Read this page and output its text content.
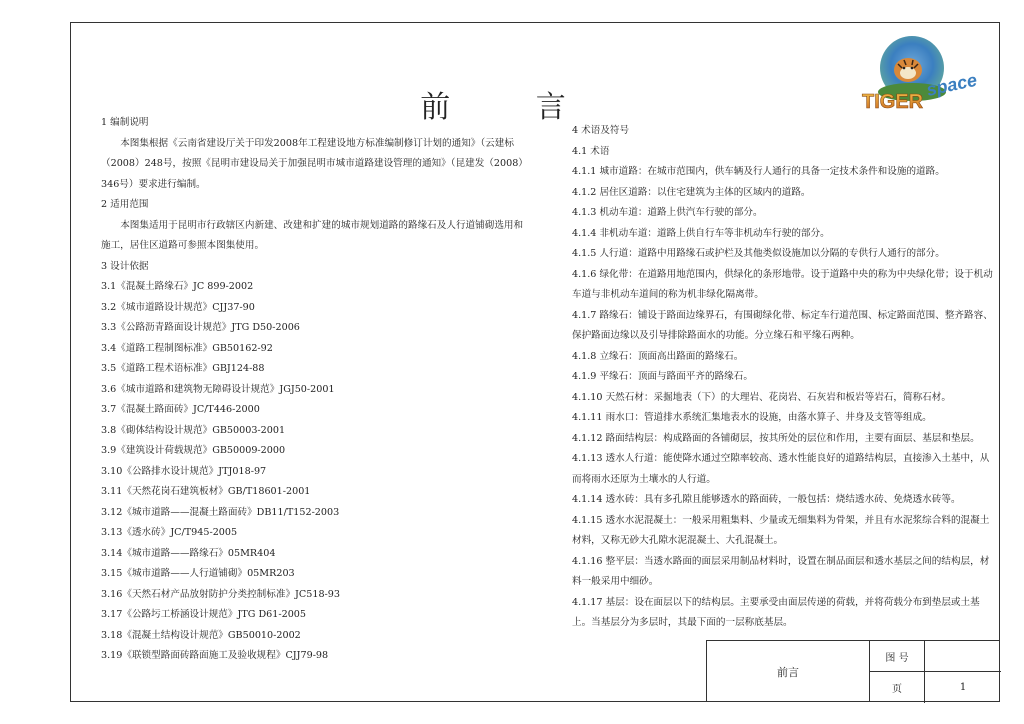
前 言	TIGER
space

1 编制说明

本图集根据《云南省建设厅关于印发2008年工程建设地方标准编制修订计划的通知》（云建标（2008）248号，按照《昆明市建设局关于加强昆明市城市道路建设管理的通知》（昆建发（2008）346号）要求进行编制。

2 适用范围

本图集适用于昆明市行政辖区内新建、改建和扩建的城市规划道路的路缘石及人行道铺砌选用和施工，居住区道路可参照本图集使用。

3 设计依据

3.1《混凝土路缘石》JC 899-2002

3.2《城市道路设计规范》CJJ37-90

3.3《公路沥青路面设计规范》JTG D50-2006

3.4《道路工程制图标准》GB50162-92

3.5《道路工程术语标准》GBJ124-88

3.6《城市道路和建筑物无障碍设计规范》JGJ50-2001

3.7《混凝土路面砖》JC/T446-2000

3.8《砌体结构设计规范》GB50003-2001

3.9《建筑设计荷载规范》GB50009-2000

3.10《公路排水设计规范》JTJ018-97

3.11《天然花岗石建筑板材》GB/T18601-2001

3.12《城市道路——混凝土路面砖》DB11/T152-2003

3.13《透水砖》JC/T945-2005

3.14《城市道路——路缘石》05MR404

3.15《城市道路——人行道铺砌》05MR203

3.16《天然石材产品放射防护分类控制标准》JC518-93

3.17《公路圬工桥涵设计规范》JTG D61-2005

3.18《混凝土结构设计规范》GB50010-2002

3.19《联锁型路面砖路面施工及验收规程》CJJ79-98

4 术语及符号

4.1 术语

4.1.1 城市道路：在城市范围内，供车辆及行人通行的具备一定技术条件和设施的道路。

4.1.2 居住区道路：以住宅建筑为主体的区域内的道路。

4.1.3 机动车道：道路上供汽车行驶的部分。

4.1.4 非机动车道：道路上供自行车等非机动车行驶的部分。

4.1.5 人行道：道路中用路缘石或护栏及其他类似设施加以分隔的专供行人通行的部分。

4.1.6 绿化带：在道路用地范围内，供绿化的条形地带。设于道路中央的称为中央绿化带；设于机动车道与非机动车道间的称为机非绿化隔离带。

4.1.7 路缘石：铺设于路面边缘界石，有围砌绿化带、标定车行道范围、标定路面范围、整齐路容、保护路面边缘以及引导排除路面水的功能。分立缘石和平缘石两种。

4.1.8 立缘石：顶面高出路面的路缘石。

4.1.9 平缘石：顶面与路面平齐的路缘石。

4.1.10 天然石材：采掘地表（下）的大理岩、花岗岩、石灰岩和板岩等岩石，简称石材。

4.1.11 雨水口：管道排水系统汇集地表水的设施，由落水算子、井身及支管等组成。

4.1.12 路面结构层：构成路面的各铺砌层，按其所处的层位和作用，主要有面层、基层和垫层。

4.1.13 透水人行道：能使降水通过空隙率较高、透水性能良好的道路结构层，直接渗入土基中，从而将雨水还原为土壤水的人行道。

4.1.14 透水砖：具有多孔隙且能够透水的路面砖，一般包括：烧结透水砖、免烧透水砖等。

4.1.15 透水水泥混凝土：一般采用粗集料、少量或无细集料为骨架，并且有水泥浆综合料的混凝土材料，又称无砂大孔隙水泥混凝土、大孔混凝土。

4.1.16 整平层：当透水路面的面层采用制品材料时，设置在制品面层和透水基层之间的结构层，材料一般采用中细砂。

4.1.17 基层：设在面层以下的结构层。主要承受由面层传递的荷载，并将荷载分布到垫层或土基上。当基层分为多层时，其最下面的一层称底基层。

前言
图 号
页	1
